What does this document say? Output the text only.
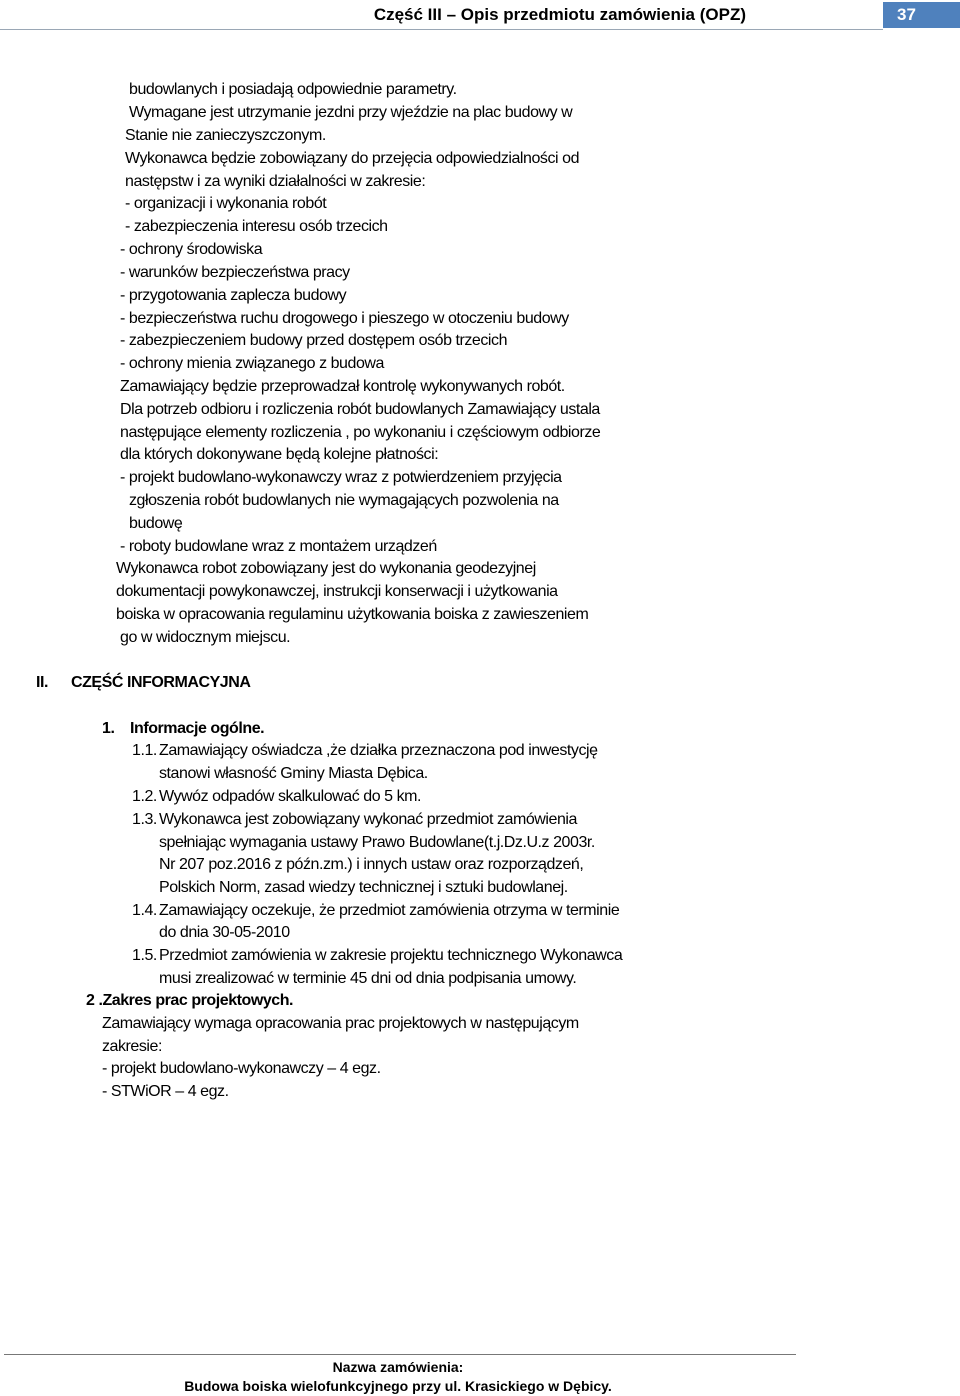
Część III – Opis przedmiotu zamówienia (OPZ)	37
budowlanych i posiadają odpowiednie parametry.
Wymagane jest utrzymanie jezdni przy wjeździe na plac budowy w
Stanie nie zanieczyszczonym.
Wykonawca będzie zobowiązany do przejęcia odpowiedzialności od
następstw i za wyniki działalności w zakresie:
- organizacji i wykonania robót
- zabezpieczenia interesu osób trzecich
- ochrony środowiska
- warunków bezpieczeństwa pracy
- przygotowania zaplecza budowy
- bezpieczeństwa ruchu drogowego i pieszego w otoczeniu budowy
- zabezpieczeniem budowy przed dostępem osób trzecich
- ochrony mienia związanego z budowa
Zamawiający będzie przeprowadzał kontrolę wykonywanych robót.
Dla potrzeb odbioru i rozliczenia robót budowlanych Zamawiający ustala
następujące elementy rozliczenia , po wykonaniu i częściowym odbiorze
dla których dokonywane będą kolejne płatności:
- projekt budowlano-wykonawczy wraz z potwierdzeniem przyjęcia
zgłoszenia robót budowlanych nie wymagających pozwolenia na
budowę
- roboty budowlane wraz z montażem urządzeń
Wykonawca robot zobowiązany jest do wykonania geodezyjnej
dokumentacji powykonawczej, instrukcji konserwacji i użytkowania
boiska w opracowania regulaminu użytkowania boiska z zawieszeniem
go w widocznym miejscu.
II. CZĘŚĆ INFORMACYJNA
1. Informacje ogólne.
1.1. Zamawiający oświadcza ,że działka przeznaczona pod inwestycję
stanowi własność Gminy Miasta Dębica.
1.2. Wywóz odpadów skalkulować do 5 km.
1.3. Wykonawca jest zobowiązany wykonać przedmiot zamówienia
spełniając wymagania ustawy Prawo Budowlane(t.j.Dz.U.z 2003r.
Nr 207 poz.2016 z późn.zm.) i innych ustaw oraz rozporządzeń,
Polskich Norm, zasad wiedzy technicznej i sztuki budowlanej.
1.4. Zamawiający oczekuje, że przedmiot zamówienia otrzyma w terminie
do dnia 30-05-2010
1.5. Przedmiot zamówienia w zakresie projektu technicznego Wykonawca
musi zrealizować w terminie 45 dni od dnia podpisania umowy.
2 .Zakres prac projektowych.
Zamawiający wymaga opracowania prac projektowych w następującym
zakresie:
- projekt budowlano-wykonawczy – 4 egz.
- STWiOR – 4 egz.
Nazwa zamówienia:
Budowa boiska wielofunkcyjnego przy ul. Krasickiego w Dębicy.
